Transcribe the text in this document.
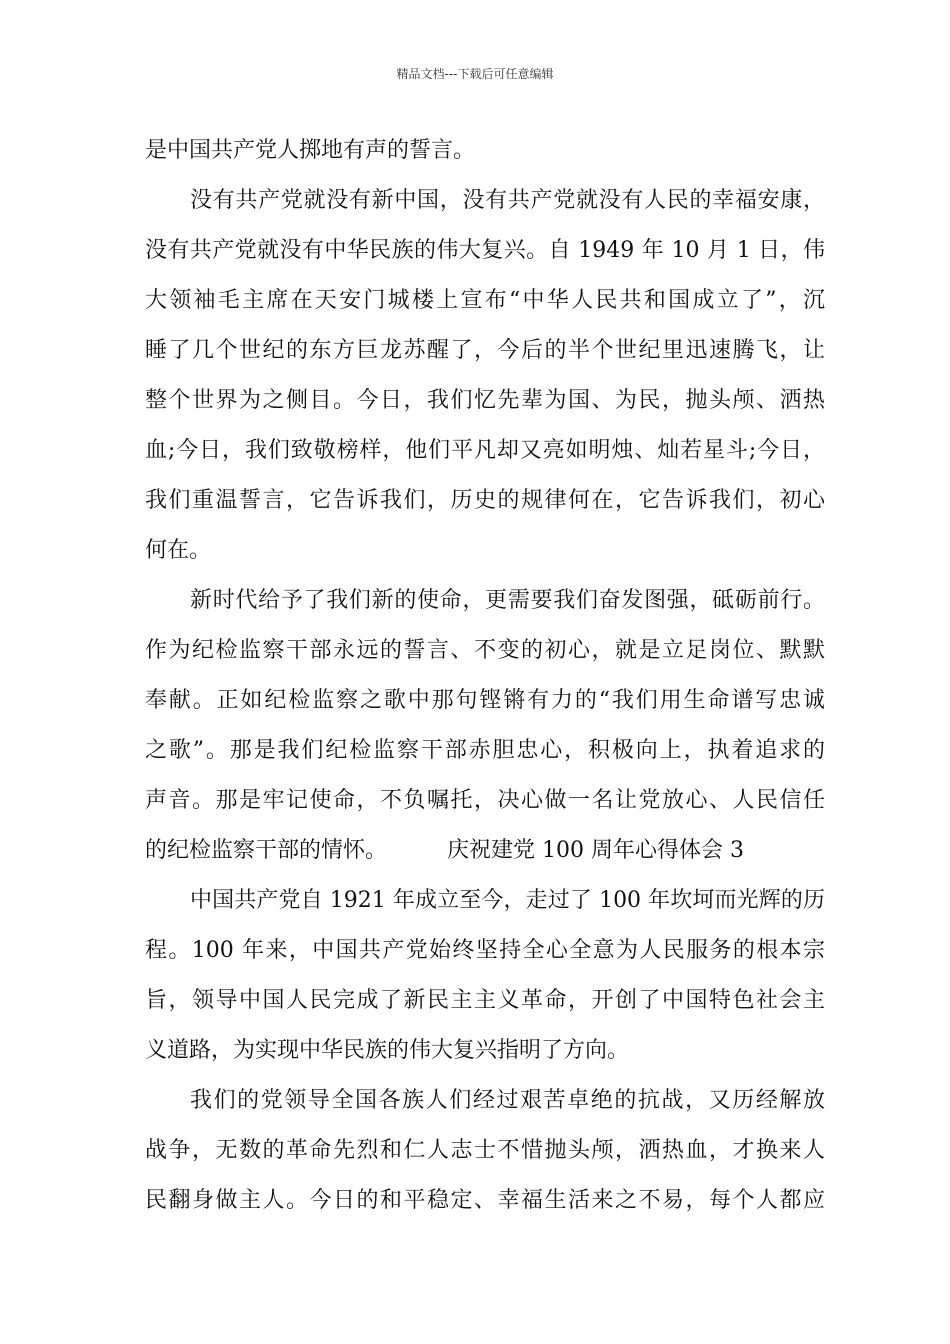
精品文档---下载后可任意编辑
是中国共产党人掷地有声的誓言。
没有共产党就没有新中国，没有共产党就没有人民的幸福安康，
没有共产党就没有中华民族的伟大复兴。自 1949 年 10 月 1 日，伟
大领袖毛主席在天安门城楼上宣布“中华人民共和国成立了”，沉
睡了几个世纪的东方巨龙苏醒了，今后的半个世纪里迅速腾飞，让
整个世界为之侧目。今日，我们忆先辈为国、为民，抛头颅、洒热
血;今日，我们致敬榜样，他们平凡却又亮如明烛、灿若星斗;今日，
我们重温誓言，它告诉我们，历史的规律何在，它告诉我们，初心
何在。
新时代给予了我们新的使命，更需要我们奋发图强，砥砺前行。
作为纪检监察干部永远的誓言、不变的初心，就是立足岗位、默默
奉献。正如纪检监察之歌中那句铿锵有力的“我们用生命谱写忠诚
之歌”。那是我们纪检监察干部赤胆忠心，积极向上，执着追求的
声音。那是牢记使命，不负嘱托，决心做一名让党放心、人民信任
的纪检监察干部的情怀。	庆祝建党 100 周年心得体会 3
中国共产党自 1921 年成立至今，走过了 100 年坎坷而光辉的历
程。100 年来，中国共产党始终坚持全心全意为人民服务的根本宗
旨，领导中国人民完成了新民主主义革命，开创了中国特色社会主
义道路，为实现中华民族的伟大复兴指明了方向。
我们的党领导全国各族人们经过艰苦卓绝的抗战，又历经解放
战争，无数的革命先烈和仁人志士不惜抛头颅，洒热血，才换来人
民翻身做主人。今日的和平稳定、幸福生活来之不易，每个人都应
